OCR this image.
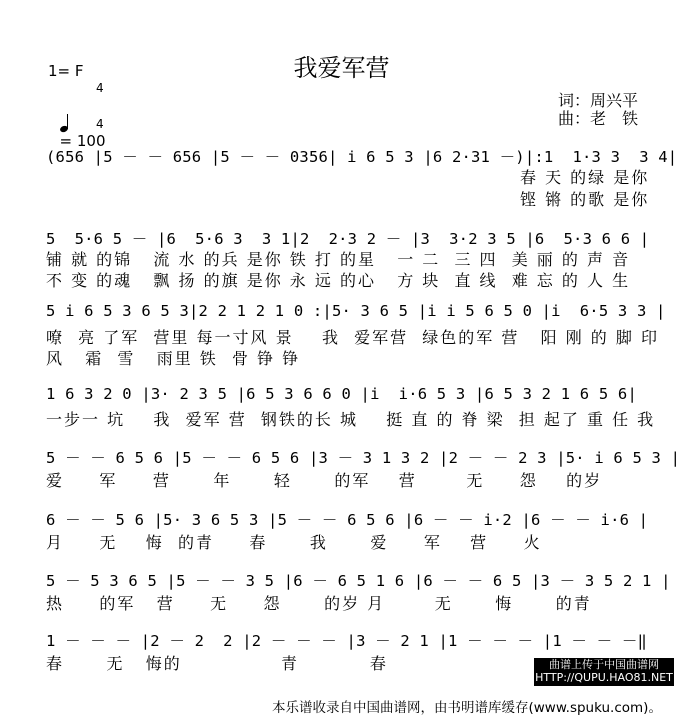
我爱军营
1= F

4

4

= 100

词：周兴平
曲：老　铁
(656 |5 － － 656 |5 － － 0356| i 6 5 3 |6 2·31 －)|:1  1·3 3  3 4|
春 天 的绿 是你
铿 锵 的歌 是你
5  5·6 5 － |6  5·6 3  3 1|2  2·3 2 － |3  3·2 3 5 |6  5·3 6 6 |
铺 就 的锦   流 水 的兵 是你 铁 打 的星   一 二  三 四  美 丽 的 声 音
不 变 的魂   飘 扬 的旗 是你 永 远 的心   方 块  直 线  难 忘 的 人 生
5 i 6 5 3 6 5 3|2 2 1 2 1 0 :|5· 3 6 5 |i i 5 6 5 0 |i  6·5 3 3 |
嘹  亮 了军  营里 每一寸风 景    我  爱军营  绿色的军 营   阳 刚 的 脚 印
风   霜  雪   雨里 铁  骨 铮 铮
1 6 3 2 0 |3· 2 3 5 |6 5 3 6 6 0 |i  i·6 5 3 |6 5 3 2 1 6 5 6|
一步一 坑    我  爱军 营  钢铁的长 城    挺 直 的 脊 梁  担 起了 重 任 我
5 － － 6 5 6 |5 － － 6 5 6 |3 － 3 1 3 2 |2 － － 2 3 |5· i 6 5 3 |
爱     军     营      年      轻      的军    营       无     怨    的岁
6 － － 5 6 |5· 3 6 5 3 |5 － － 6 5 6 |6 － － i·2 |6 － － i·6 |
月     无    悔  的青     春      我      爱     军    营     火
5 － 5 3 6 5 |5 － － 3 5 |6 － 6 5 1 6 |6 － － 6 5 |3 － 3 5 2 1 |
热     的军   营     无     怨      的岁 月       无      悔      的青
1 － － － |2 － 2  2 |2 － － － |3 － 2 1 |1 － － － |1 － － －‖
春      无   悔的              青          春	曲谱上传于中国曲谱网
HTTP://QUPU.HAO81.NET
本乐谱收录自中国曲谱网，由书明谱库缓存(www.spuku.com)。
